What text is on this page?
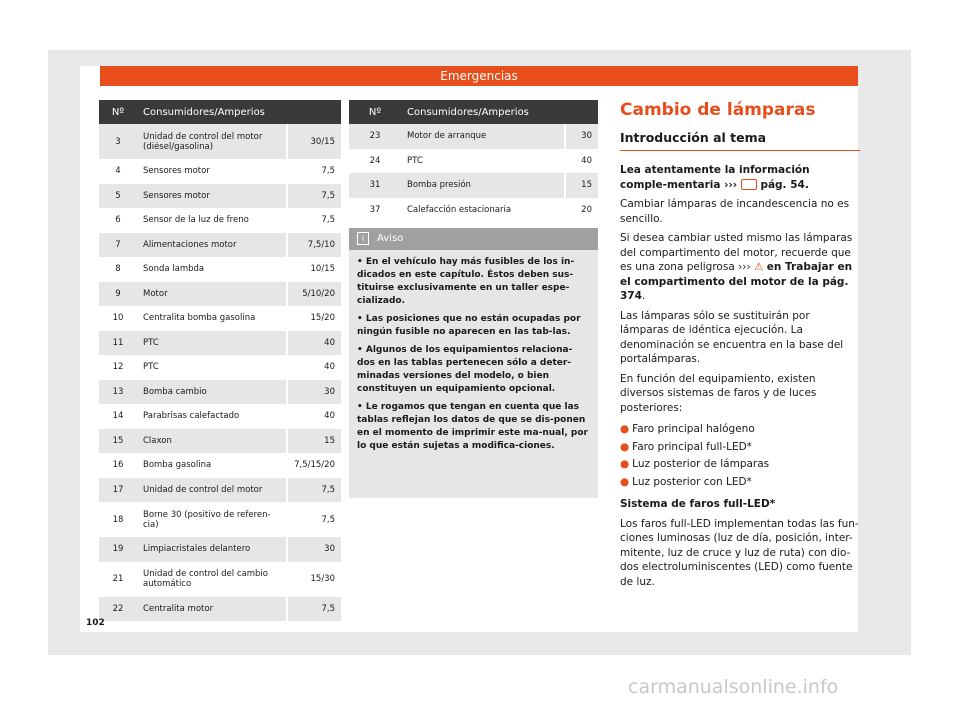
Emergencias
Nº	Consumidores/Amperios	
3	Unidad de control del motor (diésel/gasolina)	30/15
4	Sensores motor	7,5
5	Sensores motor	7,5
6	Sensor de la luz de freno	7,5
7	Alimentaciones motor	7,5/10
8	Sonda lambda	10/15
9	Motor	5/10/20
10	Centralita bomba gasolina	15/20
11	PTC	40
12	PTC	40
13	Bomba cambio	30
14	Parabrisas calefactado	40
15	Claxon	15
16	Bomba gasolina	7,5/15/20
17	Unidad de control del motor	7,5
18	Borne 30 (positivo de referen-cia)	7,5
19	Limpiacristales delantero	30
21	Unidad de control del cambio automático	15/30
22	Centralita motor	7,5
Nº	Consumidores/Amperios	
23	Motor de arranque	30
24	PTC	40
31	Bomba presión	15
37	Calefacción estacionaria	20
i Aviso

• En el vehículo hay más fusibles de los in-dicados en este capítulo. Éstos deben sus-tituirse exclusivamente en un taller espe-cializado.

• Las posiciones que no están ocupadas por ningún fusible no aparecen en las tab-las.

• Algunos de los equipamientos relaciona-dos en las tablas pertenecen sólo a deter-minadas versiones del modelo, o bien constituyen un equipamiento opcional.

• Le rogamos que tengan en cuenta que las tablas reflejan los datos de que se dis-ponen en el momento de imprimir este ma-nual, por lo que están sujetas a modifica-ciones.

Cambio de lámparas
Introducción al tema

Lea atentamente la información comple-mentaria ››› pág. 54.

Cambiar lámparas de incandescencia no es sencillo.

Si desea cambiar usted mismo las lámparas del compartimento del motor, recuerde que es una zona peligrosa ››› ⚠ en Trabajar en el compartimento del motor de la pág. 374.

Las lámparas sólo se sustituirán por lámparas de idéntica ejecución. La denominación se encuentra en la base del portalámparas.

En función del equipamiento, existen diversos sistemas de faros y de luces posteriores:

● Faro principal halógeno
● Faro principal full-LED*
● Luz posterior de lámparas
● Luz posterior con LED*

Sistema de faros full-LED*

Los faros full-LED implementan todas las fun-ciones luminosas (luz de día, posición, inter-mitente, luz de cruce y luz de ruta) con dio-dos electroluminiscentes (LED) como fuente de luz.

102
carmanualsonline.info
